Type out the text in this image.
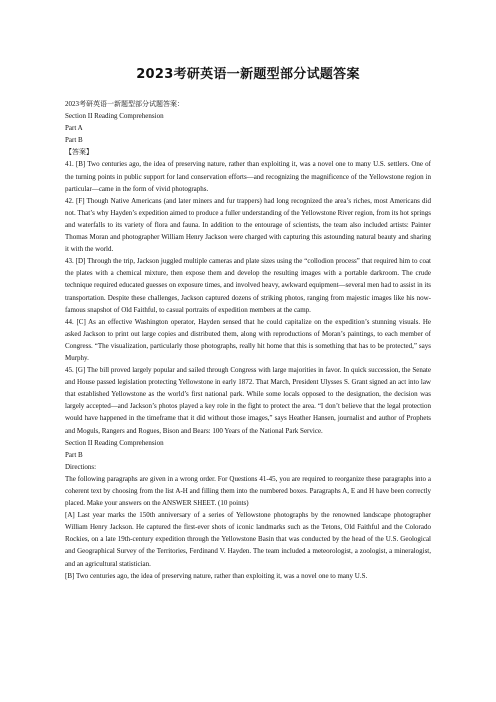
2023考研英语一新题型部分试题答案

2023考研英语一新题型部分试题答案：

Section II Reading Comprehension

Part A

Part B

【答案】

41. [B] Two centuries ago, the idea of preserving nature, rather than exploiting it, was a novel one to many U.S. settlers. One of the turning points in public support for land conservation efforts—and recognizing the magnificence of the Yellowstone region in particular—came in the form of vivid photographs.

42. [F] Though Native Americans (and later miners and fur trappers) had long recognized the area’s riches, most Americans did not. That’s why Hayden’s expedition aimed to produce a fuller understanding of the Yellowstone River region, from its hot springs and waterfalls to its variety of flora and fauna. In addition to the entourage of scientists, the team also included artists: Painter Thomas Moran and photographer William Henry Jackson were charged with capturing this astounding natural beauty and sharing it with the world.

43. [D] Through the trip, Jackson juggled multiple cameras and plate sizes using the “collodion process” that required him to coat the plates with a chemical mixture, then expose them and develop the resulting images with a portable darkroom. The crude technique required educated guesses on exposure times, and involved heavy, awkward equipment—several men had to assist in its transportation. Despite these challenges, Jackson captured dozens of striking photos, ranging from majestic images like his now-famous snapshot of Old Faithful, to casual portraits of expedition members at the camp.

44. [C] As an effective Washington operator, Hayden sensed that he could capitalize on the expedition’s stunning visuals. He asked Jackson to print out large copies and distributed them, along with reproductions of Moran’s paintings, to each member of Congress. “The visualization, particularly those photographs, really hit home that this is something that has to be protected,” says Murphy.

45. [G] The bill proved largely popular and sailed through Congress with large majorities in favor. In quick succession, the Senate and House passed legislation protecting Yellowstone in early 1872. That March, President Ulysses S. Grant signed an act into law that established Yellowstone as the world’s first national park. While some locals opposed to the designation, the decision was largely accepted—and Jackson’s photos played a key role in the fight to protect the area. “I don’t believe that the legal protection would have happened in the timeframe that it did without those images,” says Heather Hansen, journalist and author of Prophets and Moguls, Rangers and Rogues, Bison and Bears: 100 Years of the National Park Service.

Section II Reading Comprehension

Part B

Directions:

The following paragraphs are given in a wrong order. For Questions 41-45, you are required to reorganize these paragraphs into a coherent text by choosing from the list A-H and filling them into the numbered boxes. Paragraphs A, E and H have been correctly placed. Make your answers on the ANSWER SHEET. (10 points)

[A] Last year marks the 150th anniversary of a series of Yellowstone photographs by the renowned landscape photographer William Henry Jackson. He captured the first-ever shots of iconic landmarks such as the Tetons, Old Faithful and the Colorado Rockies, on a late 19th-century expedition through the Yellowstone Basin that was conducted by the head of the U.S. Geological and Geographical Survey of the Territories, Ferdinand V. Hayden. The team included a meteorologist, a zoologist, a mineralogist, and an agricultural statistician.

[B] Two centuries ago, the idea of preserving nature, rather than exploiting it, was a novel one to many U.S.
